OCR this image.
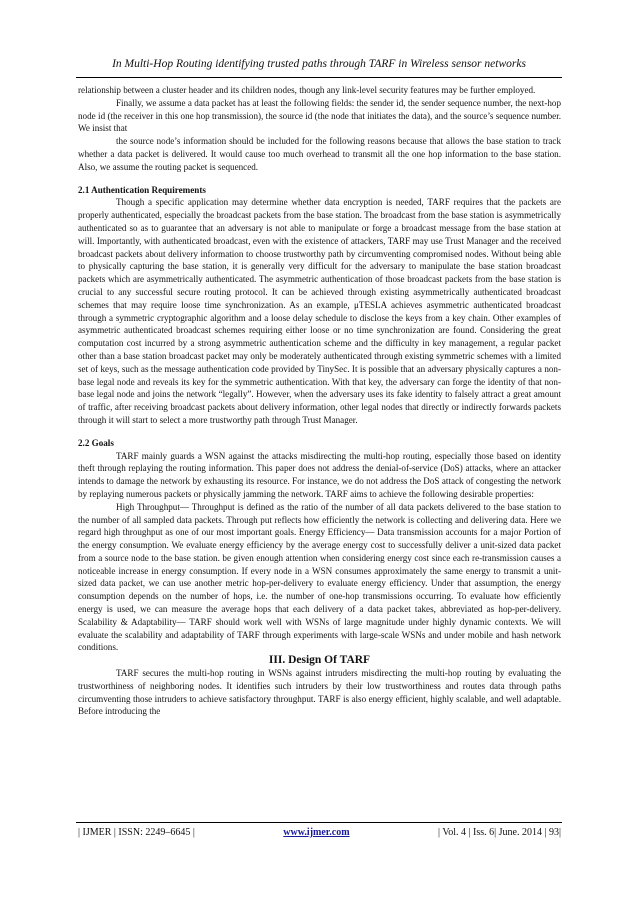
In Multi-Hop Routing identifying trusted paths through TARF in Wireless sensor networks

relationship between a cluster header and its children nodes, though any link-level security features may be further employed.

Finally, we assume a data packet has at least the following fields: the sender id, the sender sequence number, the next-hop node id (the receiver in this one hop transmission), the source id (the node that initiates the data), and the source’s sequence number. We insist that

the source node’s information should be included for the following reasons because that allows the base station to track whether a data packet is delivered. It would cause too much overhead to transmit all the one hop information to the base station. Also, we assume the routing packet is sequenced.

2.1 Authentication Requirements

Though a specific application may determine whether data encryption is needed, TARF requires that the packets are properly authenticated, especially the broadcast packets from the base station. The broadcast from the base station is asymmetrically authenticated so as to guarantee that an adversary is not able to manipulate or forge a broadcast message from the base station at will. Importantly, with authenticated broadcast, even with the existence of attackers, TARF may use Trust Manager and the received broadcast packets about delivery information to choose trustworthy path by circumventing compromised nodes. Without being able to physically capturing the base station, it is generally very difficult for the adversary to manipulate the base station broadcast packets which are asymmetrically authenticated. The asymmetric authentication of those broadcast packets from the base station is crucial to any successful secure routing protocol. It can be achieved through existing asymmetrically authenticated broadcast schemes that may require loose time synchronization. As an example, μTESLA achieves asymmetric authenticated broadcast through a symmetric cryptographic algorithm and a loose delay schedule to disclose the keys from a key chain. Other examples of asymmetric authenticated broadcast schemes requiring either loose or no time synchronization are found. Considering the great computation cost incurred by a strong asymmetric authentication scheme and the difficulty in key management, a regular packet other than a base station broadcast packet may only be moderately authenticated through existing symmetric schemes with a limited set of keys, such as the message authentication code provided by TinySec. It is possible that an adversary physically captures a non-base legal node and reveals its key for the symmetric authentication. With that key, the adversary can forge the identity of that non-base legal node and joins the network “legally”. However, when the adversary uses its fake identity to falsely attract a great amount of traffic, after receiving broadcast packets about delivery information, other legal nodes that directly or indirectly forwards packets through it will start to select a more trustworthy path through Trust Manager.

2.2 Goals

TARF mainly guards a WSN against the attacks misdirecting the multi-hop routing, especially those based on identity theft through replaying the routing information. This paper does not address the denial-of-service (DoS) attacks, where an attacker intends to damage the network by exhausting its resource. For instance, we do not address the DoS attack of congesting the network by replaying numerous packets or physically jamming the network. TARF aims to achieve the following desirable properties:

High Throughput— Throughput is defined as the ratio of the number of all data packets delivered to the base station to the number of all sampled data packets. Through put reflects how efficiently the network is collecting and delivering data. Here we regard high throughput as one of our most important goals. Energy Efficiency— Data transmission accounts for a major Portion of the energy consumption. We evaluate energy efficiency by the average energy cost to successfully deliver a unit-sized data packet from a source node to the base station. be given enough attention when considering energy cost since each re-transmission causes a noticeable increase in energy consumption. If every node in a WSN consumes approximately the same energy to transmit a unit-sized data packet, we can use another metric hop-per-delivery to evaluate energy efficiency. Under that assumption, the energy consumption depends on the number of hops, i.e. the number of one-hop transmissions occurring. To evaluate how efficiently energy is used, we can measure the average hops that each delivery of a data packet takes, abbreviated as hop-per-delivery. Scalability & Adaptability— TARF should work well with WSNs of large magnitude under highly dynamic contexts. We will evaluate the scalability and adaptability of TARF through experiments with large-scale WSNs and under mobile and hash network conditions.

III. Design Of TARF

TARF secures the multi-hop routing in WSNs against intruders misdirecting the multi-hop routing by evaluating the trustworthiness of neighboring nodes. It identifies such intruders by their low trustworthiness and routes data through paths circumventing those intruders to achieve satisfactory throughput. TARF is also energy efficient, highly scalable, and well adaptable. Before introducing the

| IJMER | ISSN: 2249–6645 |	www.ijmer.com	| Vol. 4 | Iss. 6| June. 2014 | 93|
